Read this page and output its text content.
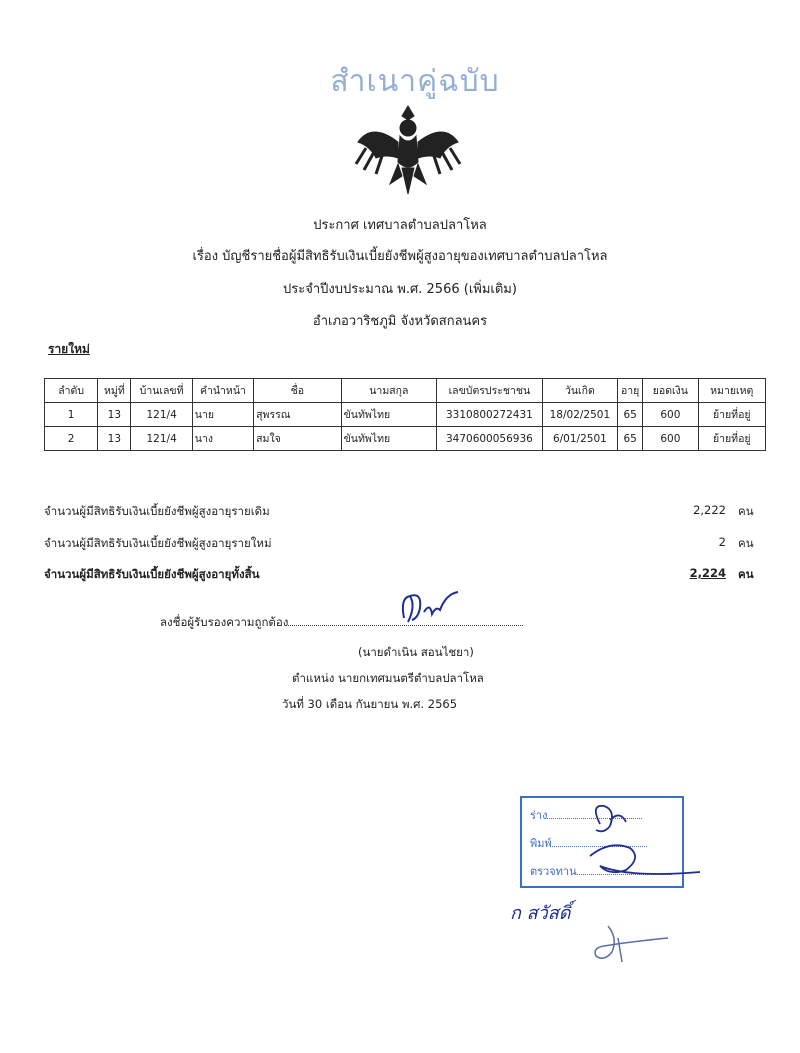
สำเนาคู่ฉบับ
ประกาศ เทศบาลตำบลปลาโหล
เรื่อง บัญชีรายชื่อผู้มีสิทธิรับเงินเบี้ยยังชีพผู้สูงอายุของเทศบาลตำบลปลาโหล
ประจำปีงบประมาณ พ.ศ. 2566 (เพิ่มเติม)
อำเภอวาริชภูมิ จังหวัดสกลนคร
รายใหม่
ลำดับ	หมู่ที่	บ้านเลขที่	คำนำหน้า	ชื่อ	นามสกุล	เลขบัตรประชาชน	วันเกิด	อายุ	ยอดเงิน	หมายเหตุ
1	13	121/4	นาย	สุพรรณ	ขันทัพไทย	3310800272431	18/02/2501	65	600	ย้ายที่อยู่
2	13	121/4	นาง	สมใจ	ขันทัพไทย	3470600056936	6/01/2501	65	600	ย้ายที่อยู่
จำนวนผู้มีสิทธิรับเงินเบี้ยยังชีพผู้สูงอายุรายเดิม	2,222 คน
จำนวนผู้มีสิทธิรับเงินเบี้ยยังชีพผู้สูงอายุรายใหม่	2 คน
จำนวนผู้มีสิทธิรับเงินเบี้ยยังชีพผู้สูงอายุทั้งสิ้น	2,224 คน
ลงชื่อผู้รับรองความถูกต้อง
(นายดำเนิน สอนไชยา)
ตำแหน่ง นายกเทศมนตรีตำบลปลาโหล
วันที่ 30 เดือน กันยายน พ.ศ. 2565
ร่าง
พิมพ์
ตรวจทาน
ก สวัสดิ์
